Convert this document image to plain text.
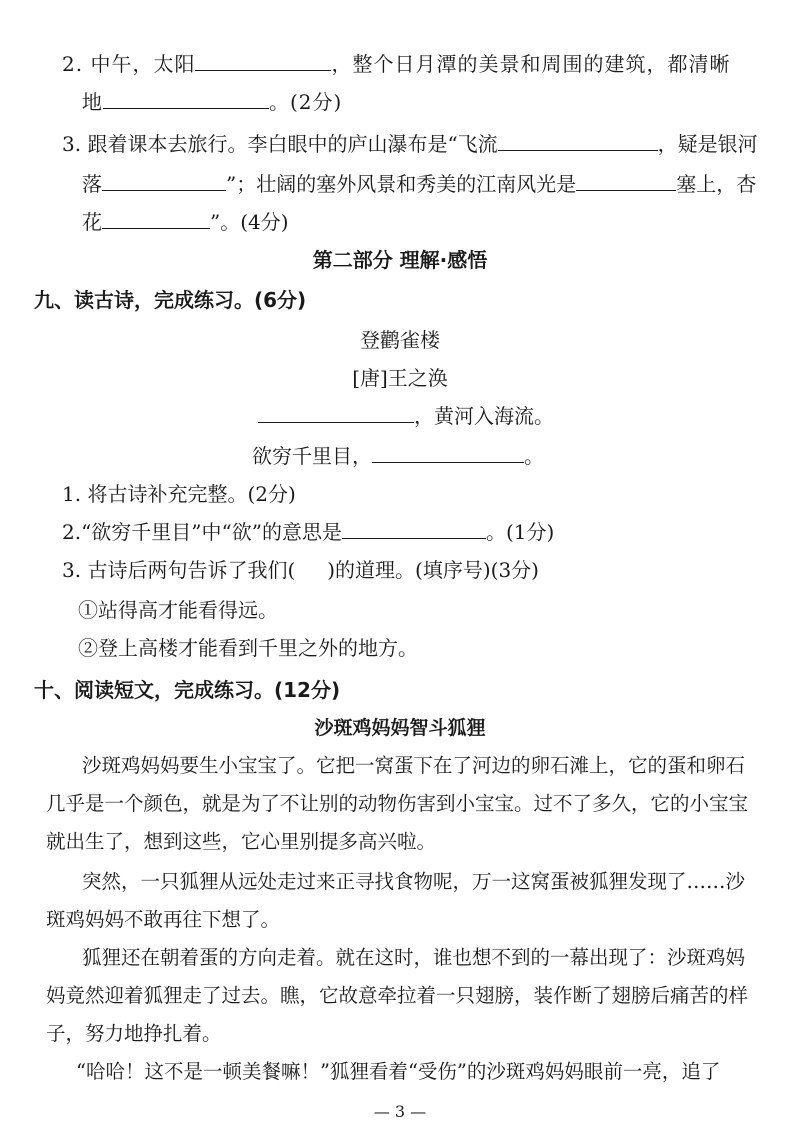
2. 中午，太阳	，整个日月潭的美景和周围的建筑，都清晰
地	。(2分)
3. 跟着课本去旅行。李白眼中的庐山瀑布是“飞流	，疑是银河
落	”；壮阔的塞外风景和秀美的江南风光是	塞上，杏
花	”。(4分)
第二部分 理解·感悟
九、读古诗，完成练习。(6分)
登鹳雀楼
[唐]王之涣
，黄河入海流。
欲穷千里目，	。
1. 将古诗补充完整。(2分)
2.“欲穷千里目”中“欲”的意思是	。(1分)
3. 古诗后两句告诉了我们( )的道理。(填序号)(3分)
①站得高才能看得远。
②登上高楼才能看到千里之外的地方。
十、阅读短文，完成练习。(12分)
沙斑鸡妈妈智斗狐狸
沙斑鸡妈妈要生小宝宝了。它把一窝蛋下在了河边的卵石滩上，它的蛋和卵石
几乎是一个颜色，就是为了不让别的动物伤害到小宝宝。过不了多久，它的小宝宝
就出生了，想到这些，它心里别提多高兴啦。
突然，一只狐狸从远处走过来正寻找食物呢，万一这窝蛋被狐狸发现了……沙
斑鸡妈妈不敢再往下想了。
狐狸还在朝着蛋的方向走着。就在这时，谁也想不到的一幕出现了：沙斑鸡妈
妈竟然迎着狐狸走了过去。瞧，它故意牵拉着一只翅膀，装作断了翅膀后痛苦的样
子，努力地挣扎着。
“哈哈！这不是一顿美餐嘛！”狐狸看着“受伤”的沙斑鸡妈妈眼前一亮，追了
— 3 —
